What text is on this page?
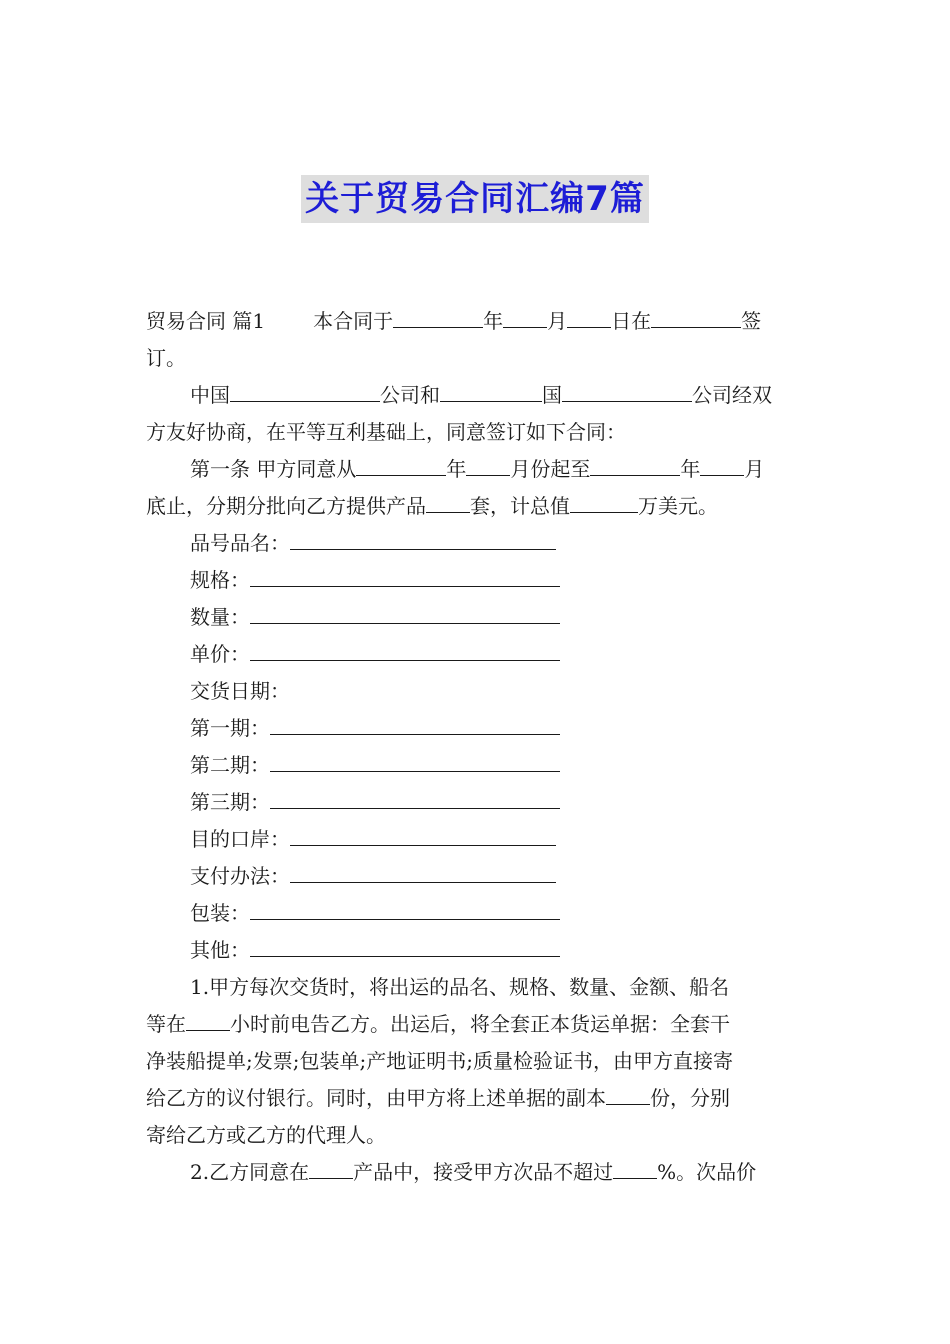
关于贸易合同汇编7篇

贸易合同 篇1 本合同于	年 月 日在	签

订。

中国	公司和	国	公司经双

方友好协商，在平等互利基础上，同意签订如下合同：

第一条 甲方同意从	年 月份起至	年 月

底止，分期分批向乙方提供产品 套，计总值	万美元。

品号品名：

规格：

数量：

单价：

交货日期：

第一期：

第二期：

第三期：

目的口岸：

支付办法：

包装：

其他：

1.甲方每次交货时，将出运的品名、规格、数量、金额、船名

等在 小时前电告乙方。出运后，将全套正本货运单据：全套干

净装船提单;发票;包装单;产地证明书;质量检验证书，由甲方直接寄

给乙方的议付银行。同时，由甲方将上述单据的副本 份，分别

寄给乙方或乙方的代理人。

2.乙方同意在 产品中，接受甲方次品不超过 %。次品价
